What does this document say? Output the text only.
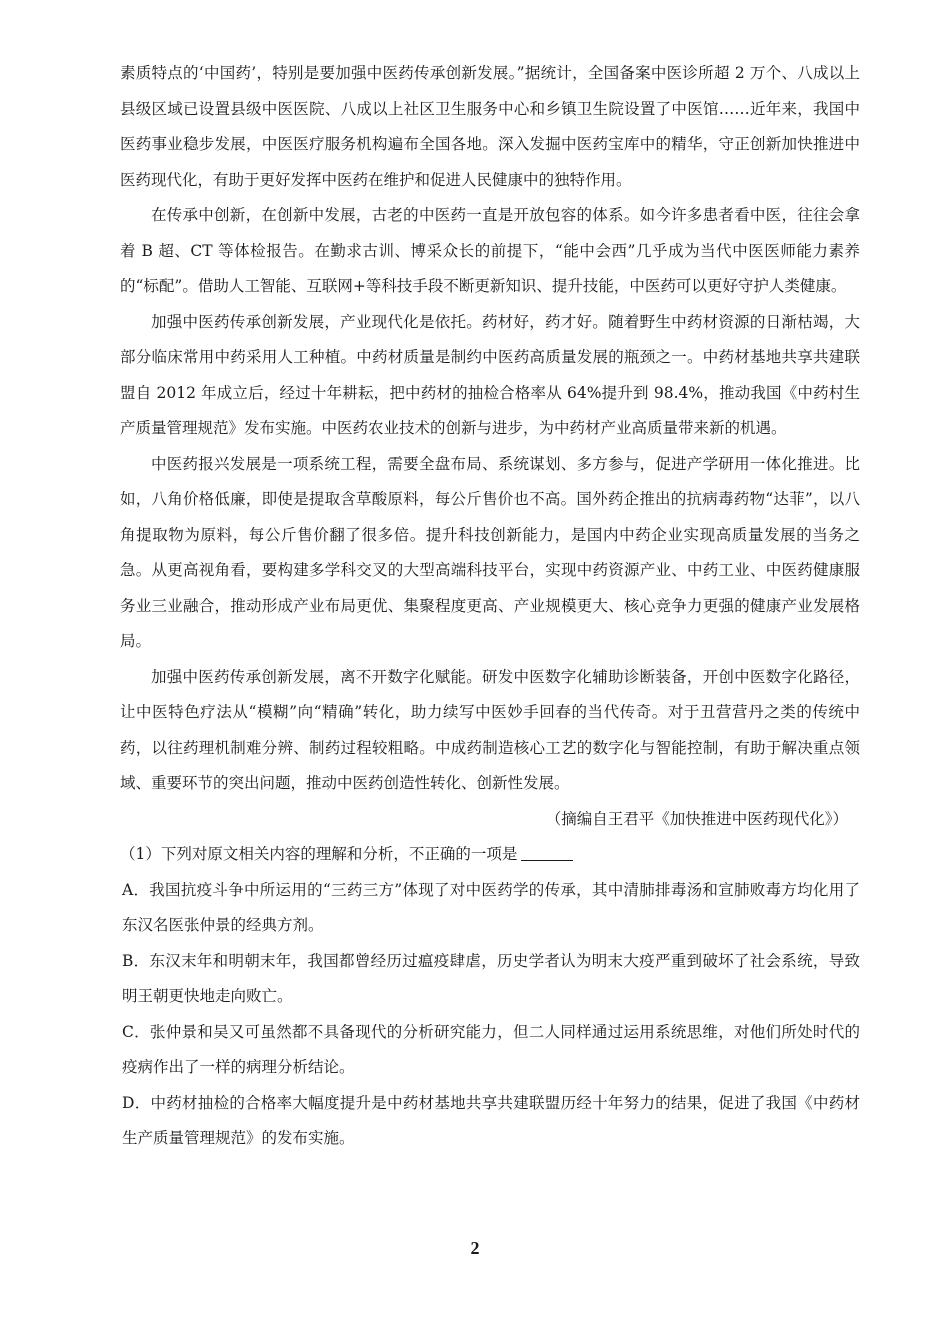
素质特点的‘中国药’，特别是要加强中医药传承创新发展。”据统计，全国备案中医诊所超 2 万个、八成以上县级区域已设置县级中医医院、八成以上社区卫生服务中心和乡镇卫生院设置了中医馆……近年来，我国中医药事业稳步发展，中医医疗服务机构遍布全国各地。深入发掘中医药宝库中的精华，守正创新加快推进中医药现代化，有助于更好发挥中医药在维护和促进人民健康中的独特作用。

在传承中创新，在创新中发展，古老的中医药一直是开放包容的体系。如今许多患者看中医，往往会拿着 B 超、CT 等体检报告。在勤求古训、博采众长的前提下，“能中会西”几乎成为当代中医医师能力素养的“标配”。借助人工智能、互联网+等科技手段不断更新知识、提升技能，中医药可以更好守护人类健康。

加强中医药传承创新发展，产业现代化是依托。药材好，药才好。随着野生中药材资源的日渐枯竭，大部分临床常用中药采用人工种植。中药材质量是制约中医药高质量发展的瓶颈之一。中药材基地共享共建联盟自 2012 年成立后，经过十年耕耘，把中药材的抽检合格率从 64%提升到 98.4%，推动我国《中药村生产质量管理规范》发布实施。中医药农业技术的创新与进步，为中药材产业高质量带来新的机遇。

中医药报兴发展是一项系统工程，需要全盘布局、系统谋划、多方参与，促进产学研用一体化推进。比如，八角价格低廉，即使是提取含草酸原料，每公斤售价也不高。国外药企推出的抗病毒药物“达菲”，以八角提取物为原料，每公斤售价翻了很多倍。提升科技创新能力，是国内中药企业实现高质量发展的当务之急。从更高视角看，要构建多学科交叉的大型高端科技平台，实现中药资源产业、中药工业、中医药健康服务业三业融合，推动形成产业布局更优、集聚程度更高、产业规模更大、核心竞争力更强的健康产业发展格局。

加强中医药传承创新发展，离不开数字化赋能。研发中医数字化辅助诊断装备，开创中医数字化路径，让中医特色疗法从“模糊”向“精确”转化，助力续写中医妙手回春的当代传奇。对于丑营营丹之类的传统中药，以往药理机制难分辨、制药过程较粗略。中成药制造核心工艺的数字化与智能控制，有助于解决重点领域、重要环节的突出问题，推动中医药创造性转化、创新性发展。

（摘编自王君平《加快推进中医药现代化》）

（1）下列对原文相关内容的理解和分析，不正确的一项是

A．我国抗疫斗争中所运用的“三药三方”体现了对中医药学的传承，其中清肺排毒汤和宣肺败毒方均化用了东汉名医张仲景的经典方剂。

B．东汉末年和明朝末年，我国都曾经历过瘟疫肆虐，历史学者认为明末大疫严重到破坏了社会系统，导致明王朝更快地走向败亡。

C．张仲景和吴又可虽然都不具备现代的分析研究能力，但二人同样通过运用系统思维，对他们所处时代的疫病作出了一样的病理分析结论。

D．中药材抽检的合格率大幅度提升是中药材基地共享共建联盟历经十年努力的结果，促进了我国《中药材生产质量管理规范》的发布实施。

2
